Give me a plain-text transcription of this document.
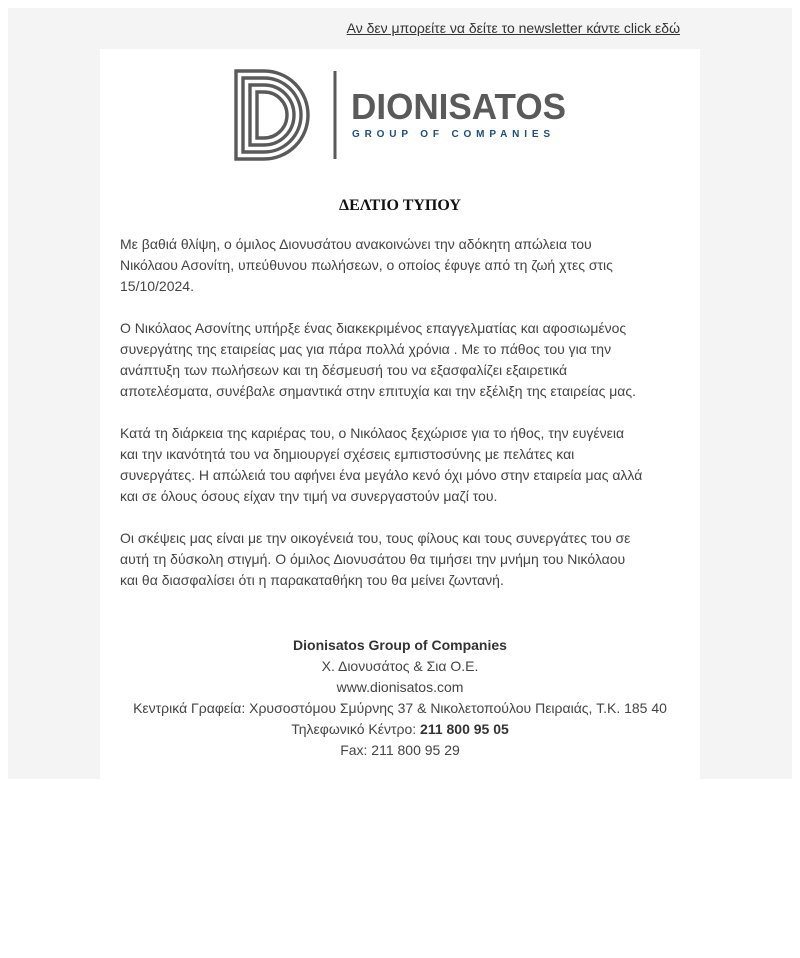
Αν δεν μπορείτε να δείτε το newsletter κάντε click εδώ
DIONISATOS
GROUP OF COMPANIES
ΔΕΛΤΙΟ ΤΥΠΟΥ

Με βαθιά θλίψη, ο όμιλος Διονυσάτου ανακοινώνει την αδόκητη απώλεια του
Νικόλαου Ασονίτη, υπεύθυνου πωλήσεων, ο οποίος έφυγε από τη ζωή χτες στις
15/10/2024.

Ο Νικόλαος Ασονίτης υπήρξε ένας διακεκριμένος επαγγελματίας και αφοσιωμένος
συνεργάτης της εταιρείας μας για πάρα πολλά χρόνια . Με το πάθος του για την
ανάπτυξη των πωλήσεων και τη δέσμευσή του να εξασφαλίζει εξαιρετικά
αποτελέσματα, συνέβαλε σημαντικά στην επιτυχία και την εξέλιξη της εταιρείας μας.

Κατά τη διάρκεια της καριέρας του, ο Νικόλαος ξεχώρισε για το ήθος, την ευγένεια
και την ικανότητά του να δημιουργεί σχέσεις εμπιστοσύνης με πελάτες και
συνεργάτες. Η απώλειά του αφήνει ένα μεγάλο κενό όχι μόνο στην εταιρεία μας αλλά
και σε όλους όσους είχαν την τιμή να συνεργαστούν μαζί του.

Οι σκέψεις μας είναι με την οικογένειά του, τους φίλους και τους συνεργάτες του σε
αυτή τη δύσκολη στιγμή. Ο όμιλος Διονυσάτου θα τιμήσει την μνήμη του Νικόλαου
και θα διασφαλίσει ότι η παρακαταθήκη του θα μείνει ζωντανή.

Dionisatos Group of Companies
Χ. Διονυσάτος & Σια Ο.Ε.
www.dionisatos.com
Κεντρικά Γραφεία: Χρυσοστόμου Σμύρνης 37 & Νικολετοπούλου Πειραιάς, Τ.Κ. 185 40
Τηλεφωνικό Κέντρο: 211 800 95 05
Fax: 211 800 95 29
